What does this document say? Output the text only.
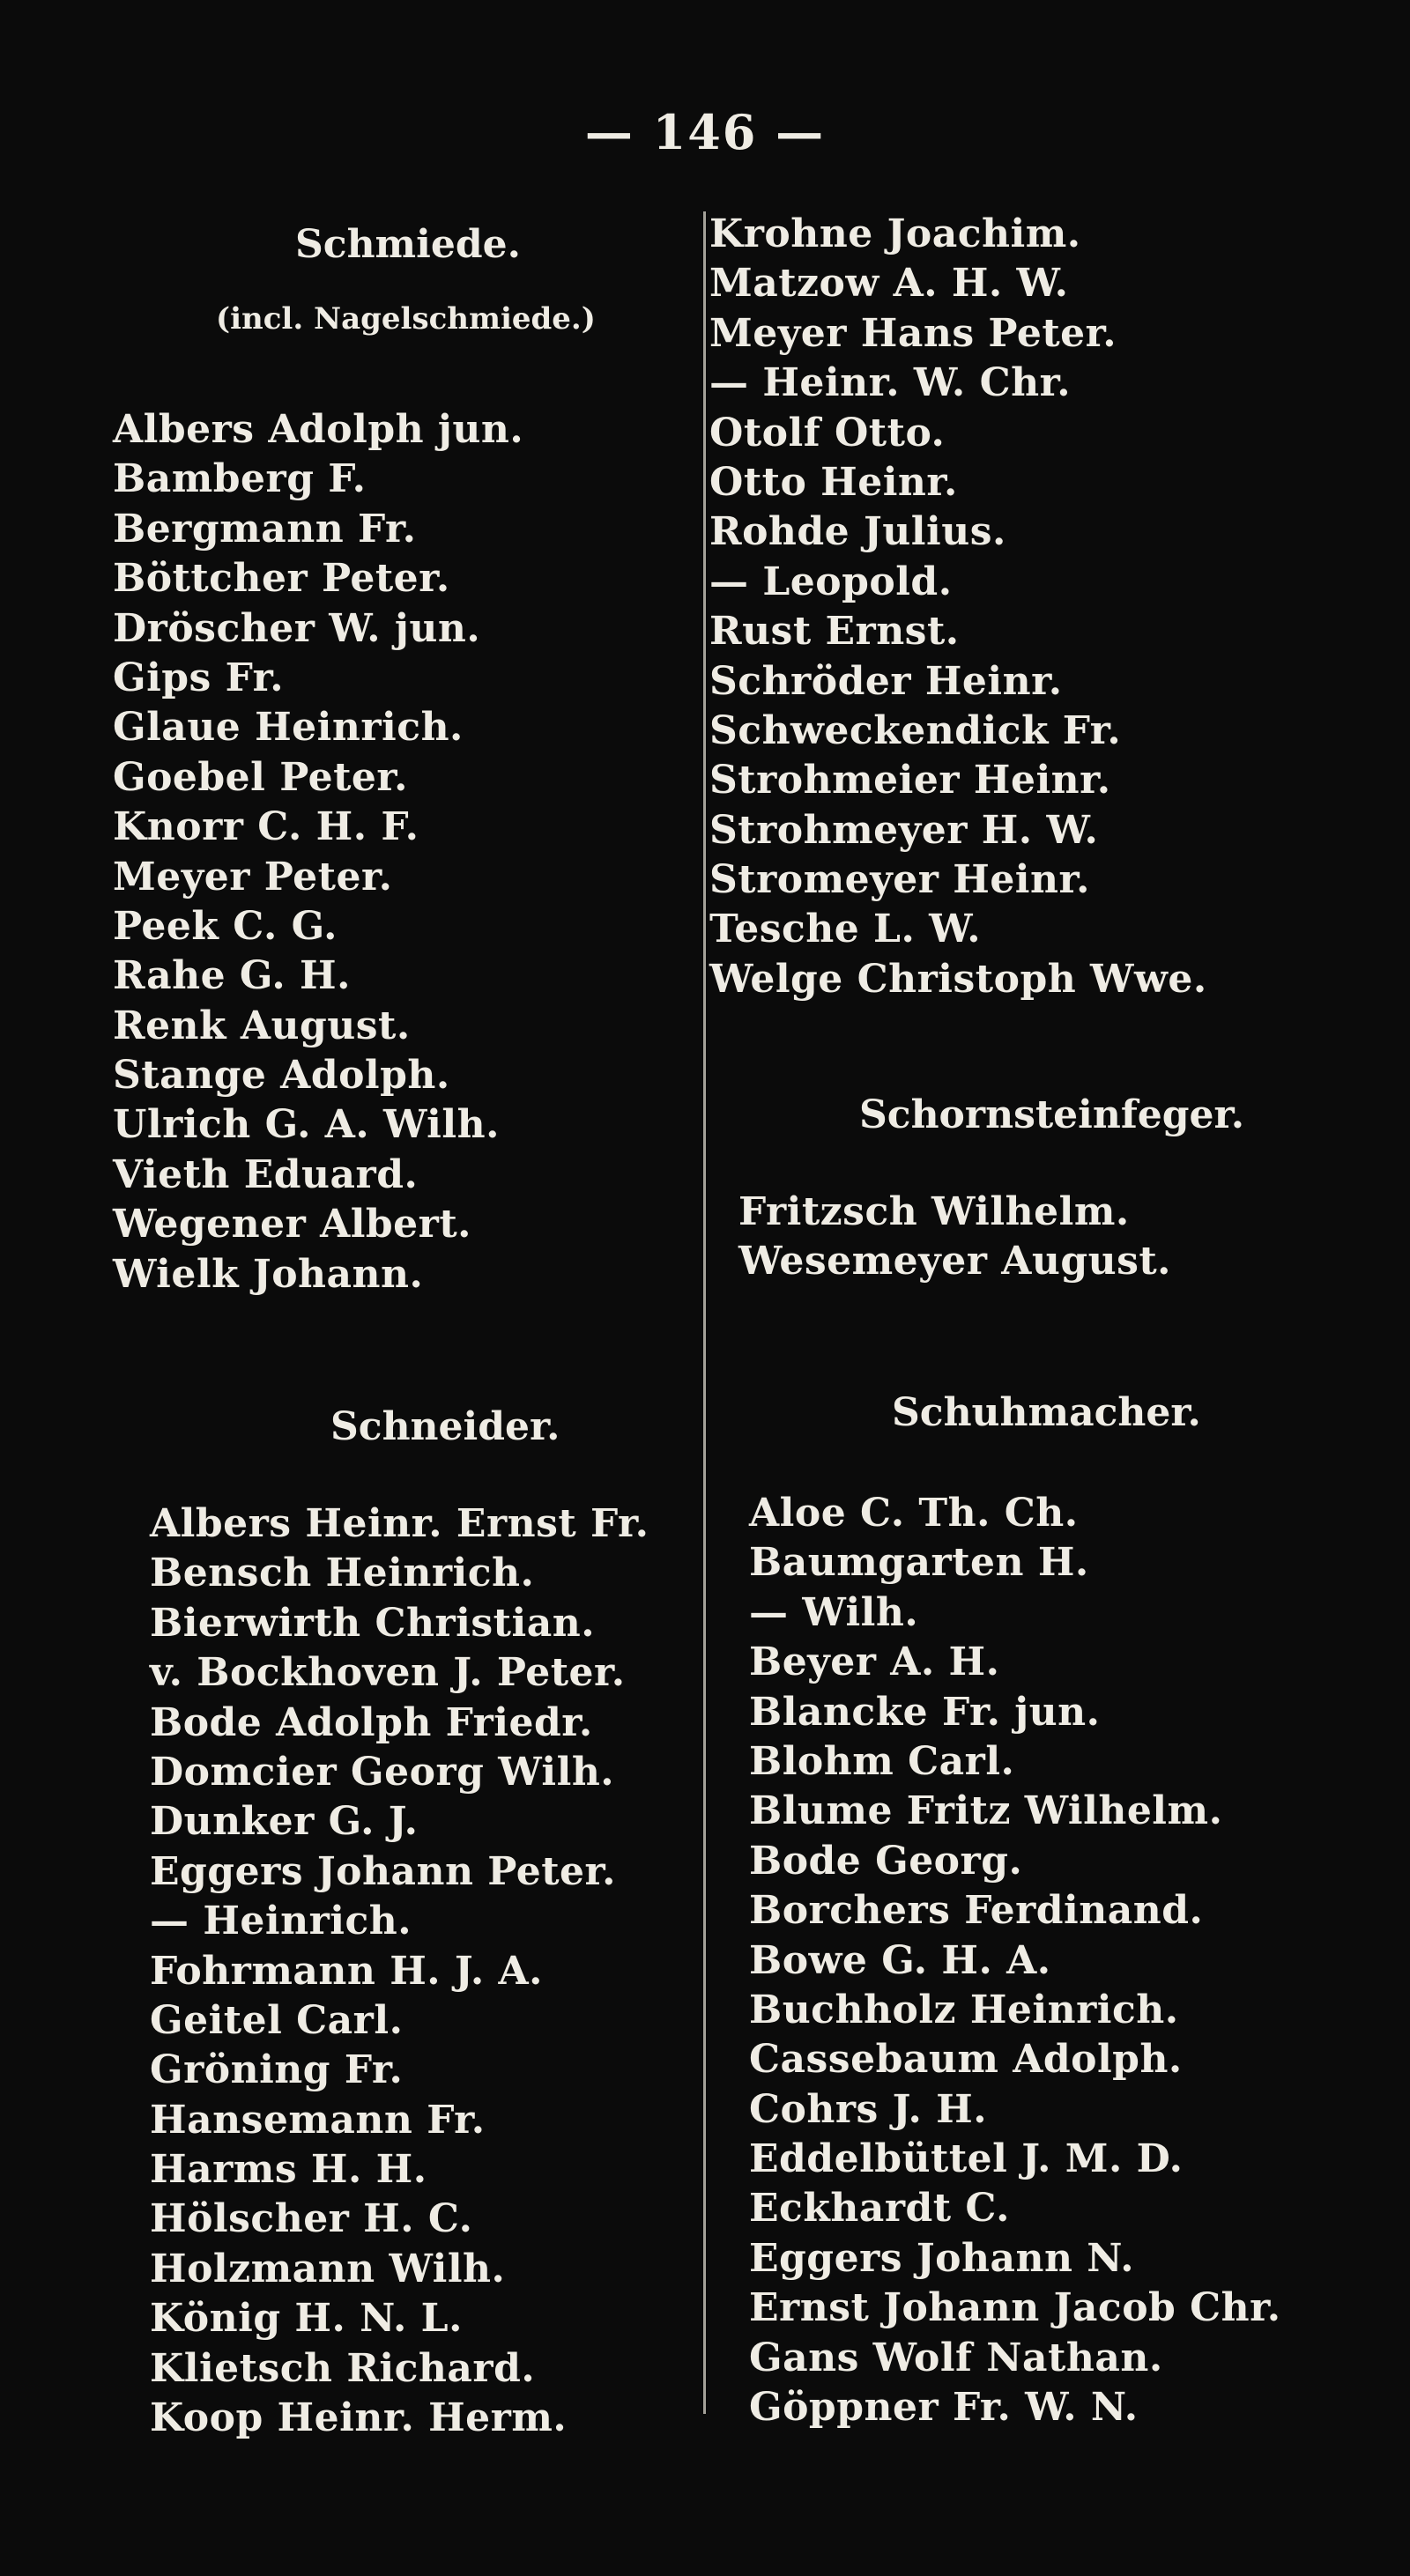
— 146 —
Schmiede.
(incl. Nagelschmiede.)
Albers Adolph jun.
Bamberg F.
Bergmann Fr.
Böttcher Peter.
Dröscher W. jun.
Gips Fr.
Glaue Heinrich.
Goebel Peter.
Knorr C. H. F.
Meyer Peter.
Peek C. G.
Rahe G. H.
Renk August.
Stange Adolph.
Ulrich G. A. Wilh.
Vieth Eduard.
Wegener Albert.
Wielk Johann.
Schneider.
Albers Heinr. Ernst Fr.
Bensch Heinrich.
Bierwirth Christian.
v. Bockhoven J. Peter.
Bode Adolph Friedr.
Domcier Georg Wilh.
Dunker G. J.
Eggers Johann Peter.
— Heinrich.
Fohrmann H. J. A.
Geitel Carl.
Gröning Fr.
Hansemann Fr.
Harms H. H.
Hölscher H. C.
Holzmann Wilh.
König H. N. L.
Klietsch Richard.
Koop Heinr. Herm.
Krohne Joachim.
Matzow A. H. W.
Meyer Hans Peter.
— Heinr. W. Chr.
Otolf Otto.
Otto Heinr.
Rohde Julius.
— Leopold.
Rust Ernst.
Schröder Heinr.
Schweckendick Fr.
Strohmeier Heinr.
Strohmeyer H. W.
Stromeyer Heinr.
Tesche L. W.
Welge Christoph Wwe.
Schornsteinfeger.
Fritzsch Wilhelm.
Wesemeyer August.
Schuhmacher.
Aloe C. Th. Ch.
Baumgarten H.
— Wilh.
Beyer A. H.
Blancke Fr. jun.
Blohm Carl.
Blume Fritz Wilhelm.
Bode Georg.
Borchers Ferdinand.
Bowe G. H. A.
Buchholz Heinrich.
Cassebaum Adolph.
Cohrs J. H.
Eddelbüttel J. M. D.
Eckhardt C.
Eggers Johann N.
Ernst Johann Jacob Chr.
Gans Wolf Nathan.
Göppner Fr. W. N.
